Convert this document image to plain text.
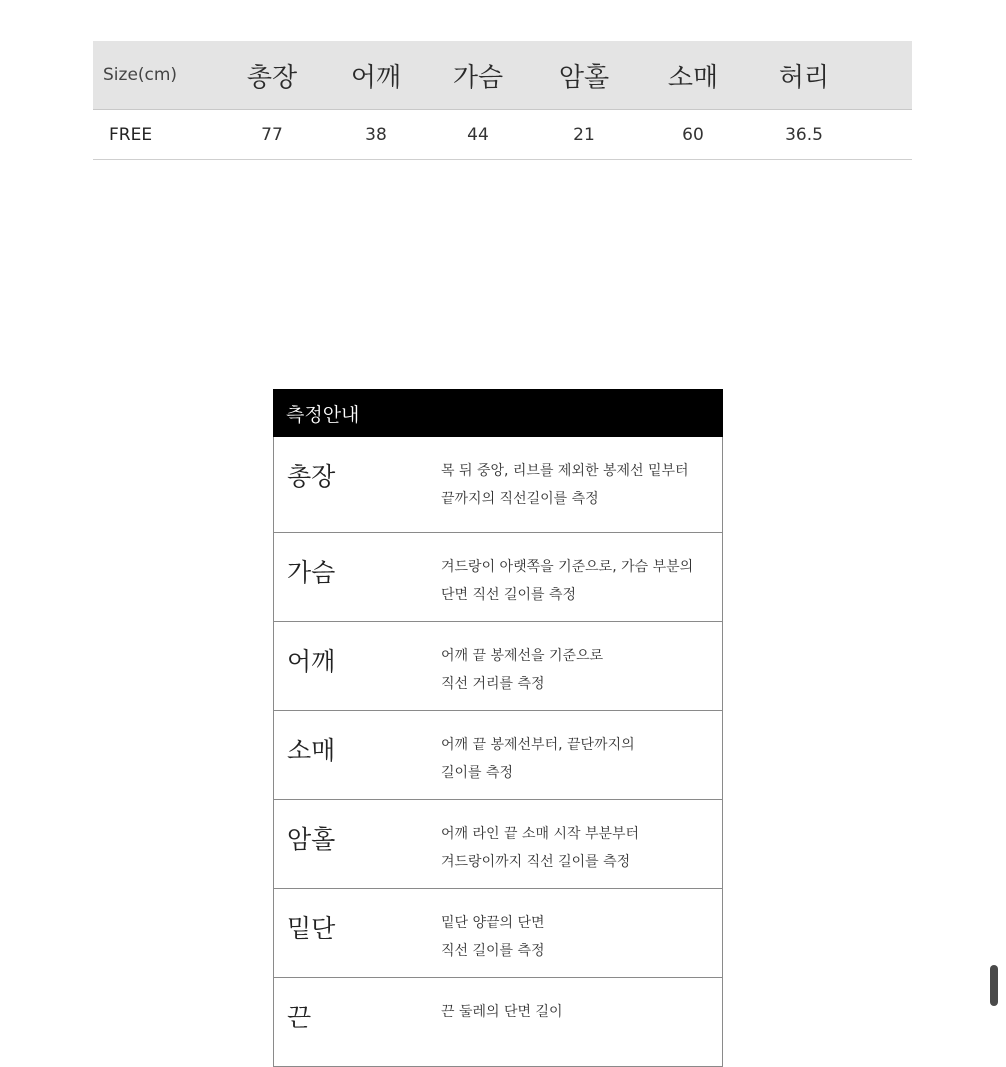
Size(cm)	총장	어깨	가슴	암홀	소매	허리
FREE	77	38	44	21	60	36.5
측정안내
총장	목 뒤 중앙, 리브를 제외한 봉제선 밑부터
끝까지의 직선길이를 측정
가슴	겨드랑이 아랫쪽을 기준으로, 가슴 부분의
단면 직선 길이를 측정
어깨	어깨 끝 봉제선을 기준으로
직선 거리를 측정
소매	어깨 끝 봉제선부터, 끝단까지의
길이를 측정
암홀	어깨 라인 끝 소매 시작 부분부터
겨드랑이까지 직선 길이를 측정
밑단	밑단 양끝의 단면
직선 길이를 측정
끈	끈 둘레의 단면 길이
